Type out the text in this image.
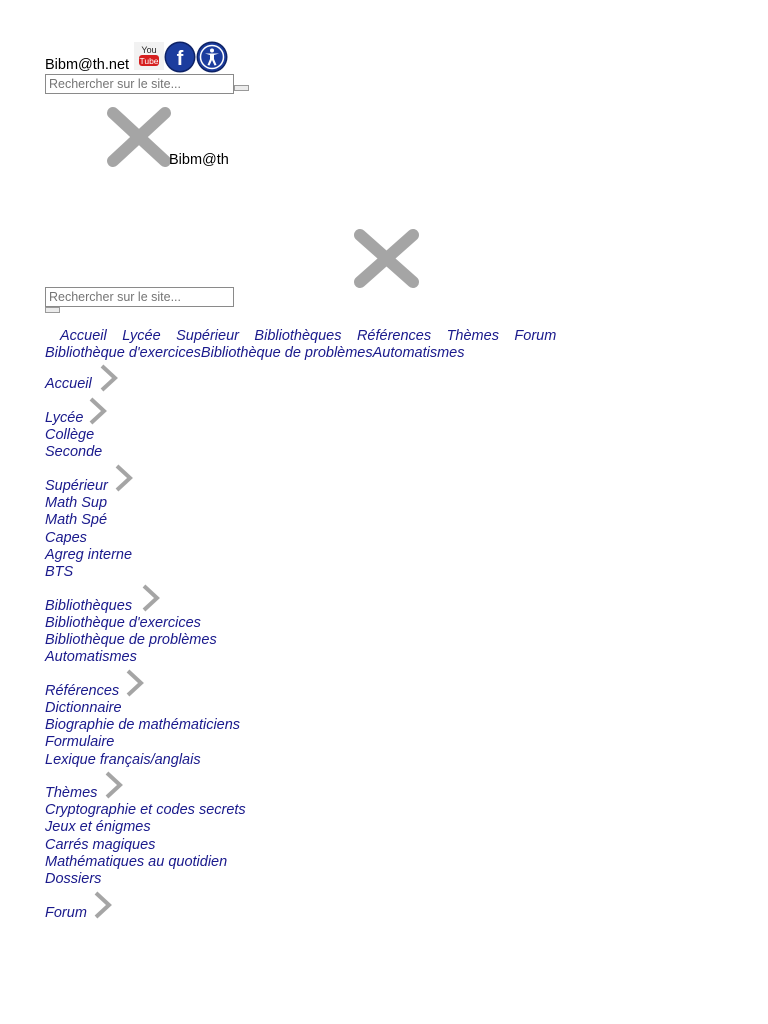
Bibm@th.net
You
Tube f
Rechercher sur le site...
Bibm@th
Rechercher sur le site...
Accueil Lycée Supérieur Bibliothèques Références Thèmes Forum
Bibliothèque d'exercicesBibliothèque de problèmesAutomatismes
Accueil
Lycée
Collège
Seconde
Supérieur
Math Sup
Math Spé
Capes
Agreg interne
BTS
Bibliothèques
Bibliothèque d'exercices
Bibliothèque de problèmes
Automatismes
Références
Dictionnaire
Biographie de mathématiciens
Formulaire
Lexique français/anglais
Thèmes
Cryptographie et codes secrets
Jeux et énigmes
Carrés magiques
Mathématiques au quotidien
Dossiers
Forum
